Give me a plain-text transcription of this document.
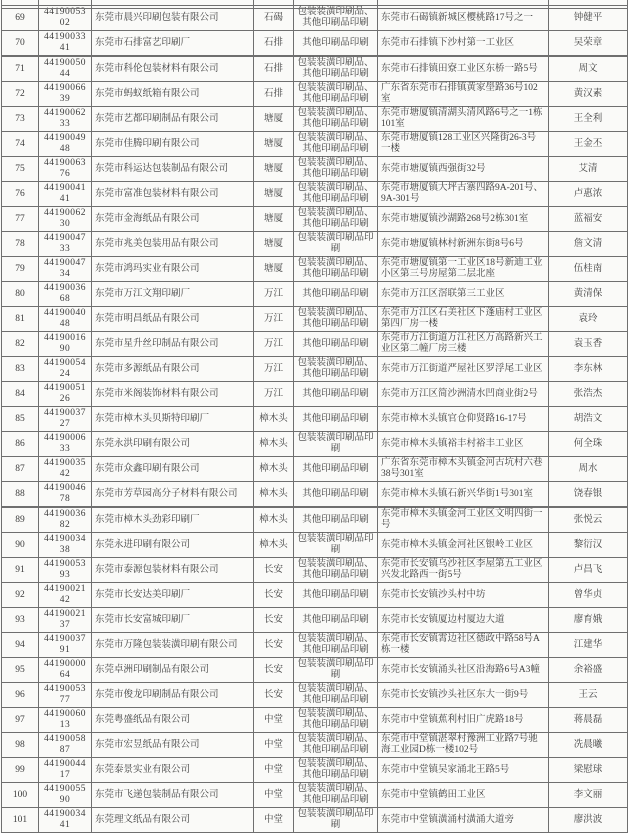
69	4419005302	东莞市晨兴印刷包装有限公司	石碣	包装装潢印刷品、其他印刷品印刷	东莞市石碣镇新城区樱桃路17号之一	钟健平
70	4419003341	东莞市石排富艺印刷厂	石排	其他印刷品印刷	东莞市石排镇下沙村第一工业区	吴荣章
71	4419005044	东莞市科伦包装材料有限公司	石排	包装装潢印刷品、其他印刷品印刷	东莞市石排镇田寮工业区东桥一路5号	周文
72	4419006639	东莞市蚂蚁纸箱有限公司	石排	包装装潢印刷品、其他印刷品印刷	广东省东莞市石排镇黄家壆路36号102室	黄汉素
73	4419006233	东莞市艺都印刷制品有限公司	塘厦	包装装潢印刷品、其他印刷品印刷	东莞市塘厦镇清湖头清风路6号之一1栋101室	王全利
74	4419004948	东莞市佳腾印刷有限公司	塘厦	包装装潢印刷品、其他印刷品印刷	东莞市塘厦镇128工业区兴隆街26-3号一楼	王金丕
75	4419006376	东莞市科运达包装制品有限公司	塘厦	包装装潢印刷品、其他印刷品印刷	东莞市塘厦镇西强街32号	艾清
76	4419004141	东莞市富准包装材料有限公司	塘厦	包装装潢印刷品、其他印刷品印刷	东莞市塘厦镇大坪古寨四路9A-201号、9A-301号	卢惠浓
77	4419006230	东莞市金海纸品有限公司	塘厦	包装装潢印刷品、其他印刷品印刷	东莞市塘厦镇沙湖路268号2栋301室	蓝福安
78	4419004733	东莞市兆美包装用品有限公司	塘厦	包装装潢印刷品印刷	东莞市塘厦镇林村新洲东街8号6号	詹文清
79	4419004734	东莞市鸿玛实业有限公司	塘厦	包装装潢印刷品、其他印刷品印刷	东莞市塘厦镇第一工业区18号新迪工业小区第三号房屋第二层北座	伍桂南
80	4419003668	东莞市万江文翔印刷厂	万江	其他印刷品印刷	东莞市万江区滘联第三工业区	黄清保
81	4419004048	东莞市明昌纸品有限公司	万江	包装装潢印刷品、其他印刷品印刷	东莞市万江区石美社区下蓬庙村工业区第四厂房一楼	袁玲
82	4419001690	东莞市星升丝印制品有限公司	万江	其他印刷品印刷	东莞市万江街道万江社区万高路新兴工业区第二幢厂房三楼	袁玉香
83	4419005424	东莞市多源纸品有限公司	万江	包装装潢印刷品、其他印刷品印刷	东莞市万江街道严屋社区罗浮尾工业区	李东林
84	4419005126	东莞市米阁装饰材料有限公司	万江	其他印刷品印刷	东莞市万江区简沙洲清水凹商业街2号	张浩杰
85	4419003727	东莞市樟木头贝斯特印刷厂	樟木头	其他印刷品印刷	东莞市樟木头镇官仓仰贤路16-17号	胡浩文
86	4419000633	东莞永洪印刷有限公司	樟木头	包装装潢印刷品印刷	东莞市樟木头镇裕丰村裕丰工业区	何全珠
87	4419003542	东莞市众鑫印刷有限公司	樟木头	其他印刷品印刷	广东省东莞市樟木头镇金河古坑村六巷38号301室	周水
88	4419004678	东莞市芳草园高分子材料有限公司	樟木头	其他印刷品印刷	东莞市樟木头镇石新兴华街1号301室	饶春银
89	4419003682	东莞市樟木头劲彩印刷厂	樟木头	其他印刷品印刷	东莞市樟木头镇金河工业区文明四街一号	张悦云
90	4419003438	东莞永进印刷有限公司	樟木头	包装装潢印刷品印刷	东莞市樟木头镇金河社区银岭工业区	黎衍汉
91	4419005393	东莞市泰源包装材料有限公司	长安	包装装潢印刷品、其他印刷品印刷	东莞市长安镇乌沙社区李屋第五工业区兴发北路西一街5号	卢昌飞
92	4419002142	东莞市长安达美印刷厂	长安	其他印刷品印刷	东莞市长安镇沙头村中坊	曾华贞
93	4419002137	东莞市长安富城印刷厂	长安	其他印刷品印刷	东莞市长安镇厦边村厦边大道	廖育娥
94	4419003791	东莞市万隆包装装潢印刷有限公司	长安	包装装潢印刷品、其他印刷品印刷	东莞市长安镇霄边社区德政中路58号A栋一楼	江建华
95	4419000064	东莞卓洲印刷制品有限公司	长安	包装装潢印刷品印刷	东莞市长安镇涌头社区沿海路6号A3幢	余裕盛
96	4419005377	东莞市俊龙印刷制品有限公司	长安	包装装潢印刷品、其他印刷品印刷	东莞市长安镇沙头社区东大一街9号	王云
97	4419006013	东莞粤盛纸品有限公司	中堂	包装装潢印刷品、其他印刷品印刷	东莞市中堂镇蕉利村旧广虎路18号	蒋晨磊
98	4419005887	东莞市宏昱纸品有限公司	中堂	包装装潢印刷品、其他印刷品印刷	东莞市中堂镇湛翠村豫洲工业路7号驰海工业园D栋一楼102号	冼晨曦
99	4419004417	东莞泰景实业有限公司	中堂	包装装潢印刷品、其他印刷品印刷	东莞市中堂镇吴家涌北王路5号	梁慰球
100	4419005590	东莞市飞递包装制品有限公司	中堂	包装装潢印刷品、其他印刷品印刷	东莞市中堂镇鹤田工业区	李文丽
101	4419003441	东莞理文纸品有限公司	中堂	包装装潢印刷品印刷	东莞市中堂镇潢涌村潢涌大道旁	廖洪波
